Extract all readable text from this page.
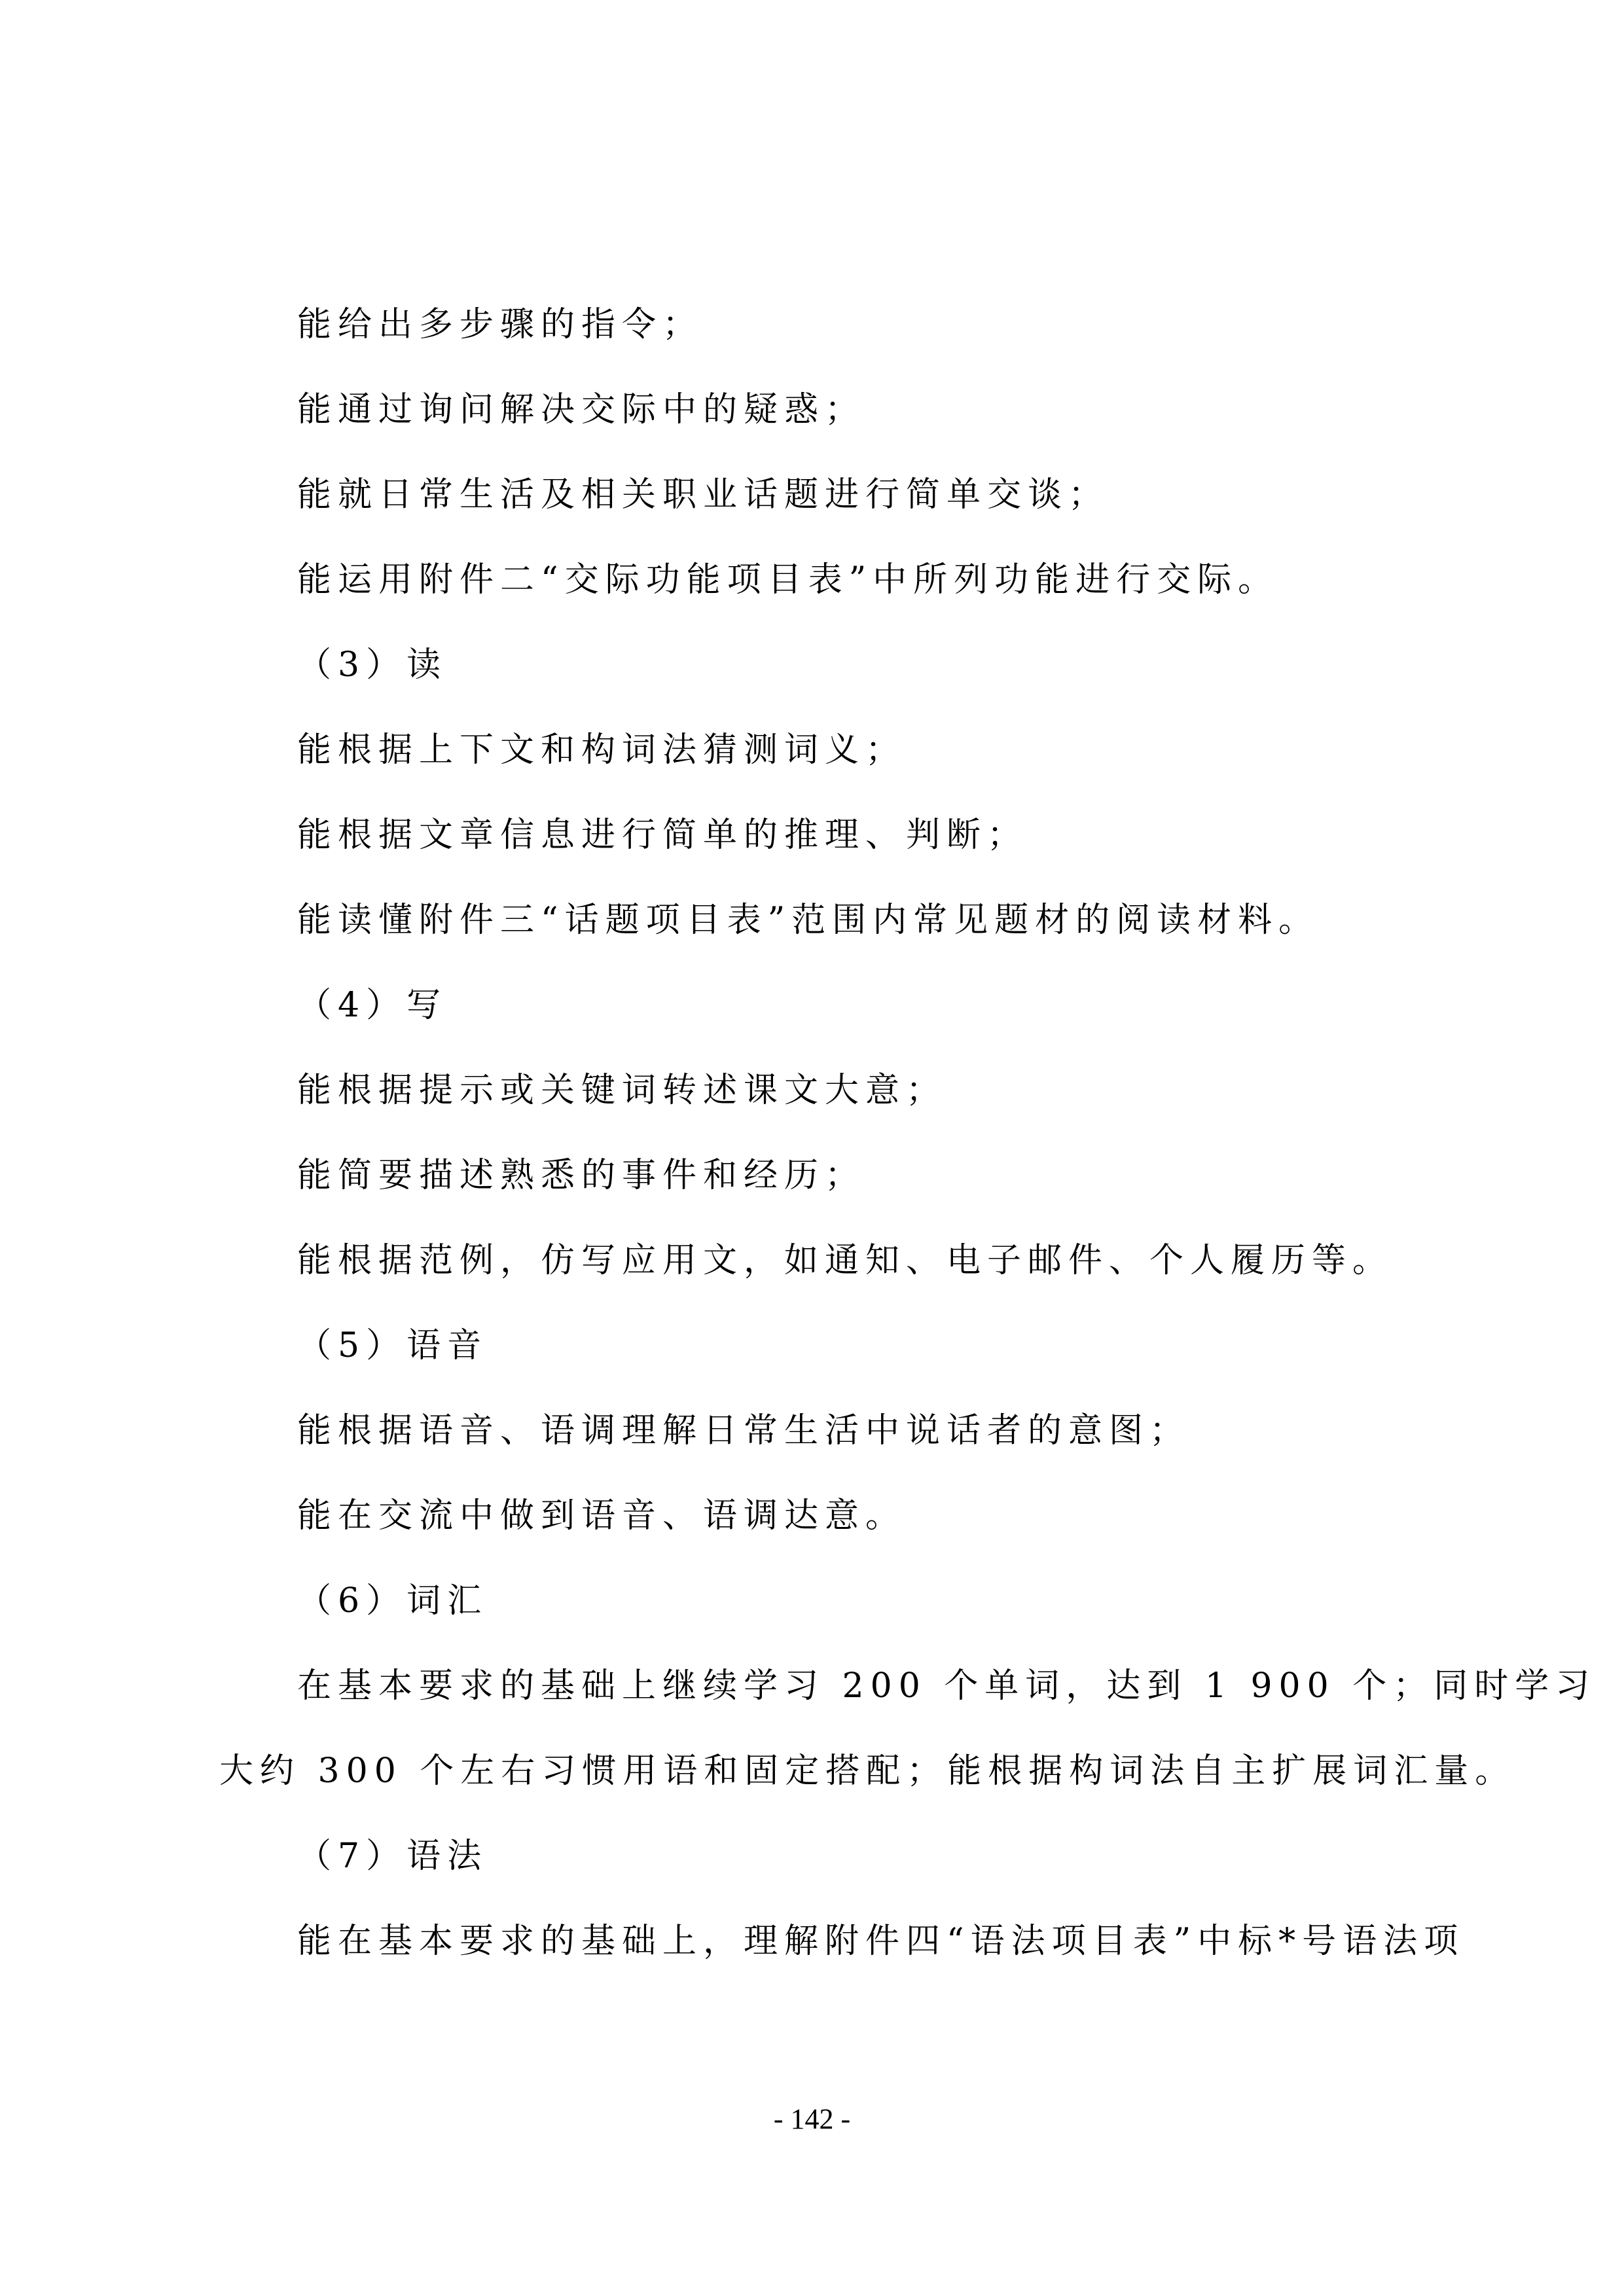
能给出多步骤的指令；
能通过询问解决交际中的疑惑；
能就日常生活及相关职业话题进行简单交谈；
能运用附件二“交际功能项目表”中所列功能进行交际。
（3）读
能根据上下文和构词法猜测词义；
能根据文章信息进行简单的推理、判断；
能读懂附件三“话题项目表”范围内常见题材的阅读材料。
（4）写
能根据提示或关键词转述课文大意；
能简要描述熟悉的事件和经历；
能根据范例，仿写应用文，如通知、电子邮件、个人履历等。
（5）语音
能根据语音、语调理解日常生活中说话者的意图；
能在交流中做到语音、语调达意。
（6）词汇
在基本要求的基础上继续学习 200 个单词，达到 1 900 个；同时学习
大约 300 个左右习惯用语和固定搭配；能根据构词法自主扩展词汇量。
（7）语法
能在基本要求的基础上，理解附件四“语法项目表”中标*号语法项
- 142 -
